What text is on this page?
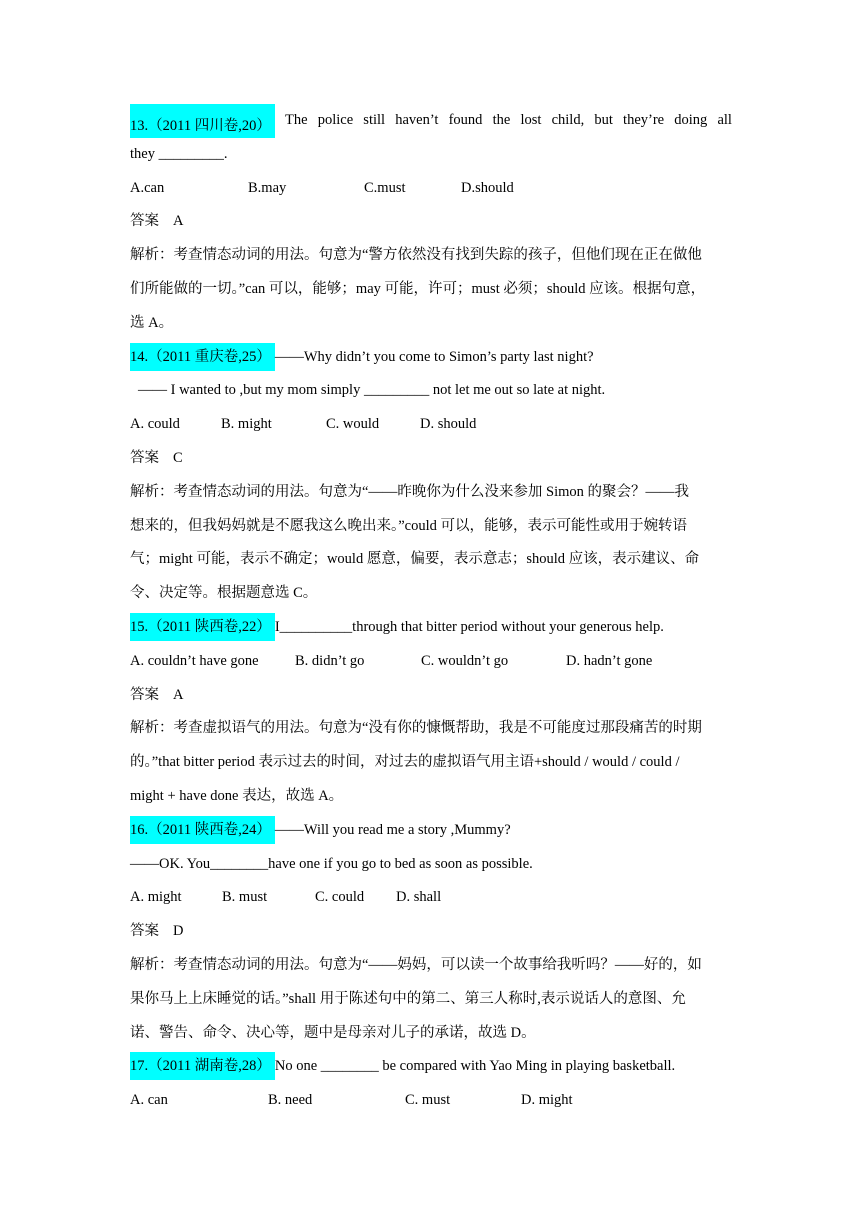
13.（2011 四川卷,20） The police still haven’t found the lost child, but they’re doing all
they _________.
A.can	B.may	C.must	D.should
答案 A
解析：考查情态动词的用法。句意为“警方依然没有找到失踪的孩子，但他们现在正在做他
们所能做的一切。”can 可以，能够；may 可能，许可；must 必须；should 应该。根据句意，
选 A。
14.（2011 重庆卷,25） ——Why didn’t you come to Simon’s party last night?
—— I wanted to ,but my mom simply _________ not let me out so late at night.
A. could	B. might	C. would	D. should
答案 C
解析：考查情态动词的用法。句意为“——昨晚你为什么没来参加 Simon 的聚会？——我
想来的，但我妈妈就是不愿我这么晚出来。”could 可以，能够，表示可能性或用于婉转语
气；might 可能，表示不确定；would 愿意，偏要，表示意志；should 应该，表示建议、命
令、决定等。根据题意选 C。
15.（2011 陕西卷,22） I__________through that bitter period without your generous help.
A. couldn’t have gone	B. didn’t go	C. wouldn’t go	D. hadn’t gone
答案 A
解析：考查虚拟语气的用法。句意为“没有你的慷慨帮助，我是不可能度过那段痛苦的时期
的。”that bitter period 表示过去的时间，对过去的虚拟语气用主语+should / would / could /
might + have done 表达，故选 A。
16.（2011 陕西卷,24） ——Will you read me a story ,Mummy?
——OK. You________have one if you go to bed as soon as possible.
A. might	B. must	C. could D. shall
答案 D
解析：考查情态动词的用法。句意为“——妈妈，可以读一个故事给我听吗？——好的，如
果你马上上床睡觉的话。”shall 用于陈述句中的第二、第三人称时,表示说话人的意图、允
诺、警告、命令、决心等，题中是母亲对儿子的承诺，故选 D。
17.（2011 湖南卷,28） No one ________ be compared with Yao Ming in playing basketball.
A. can	B. need	C. must	D. might
